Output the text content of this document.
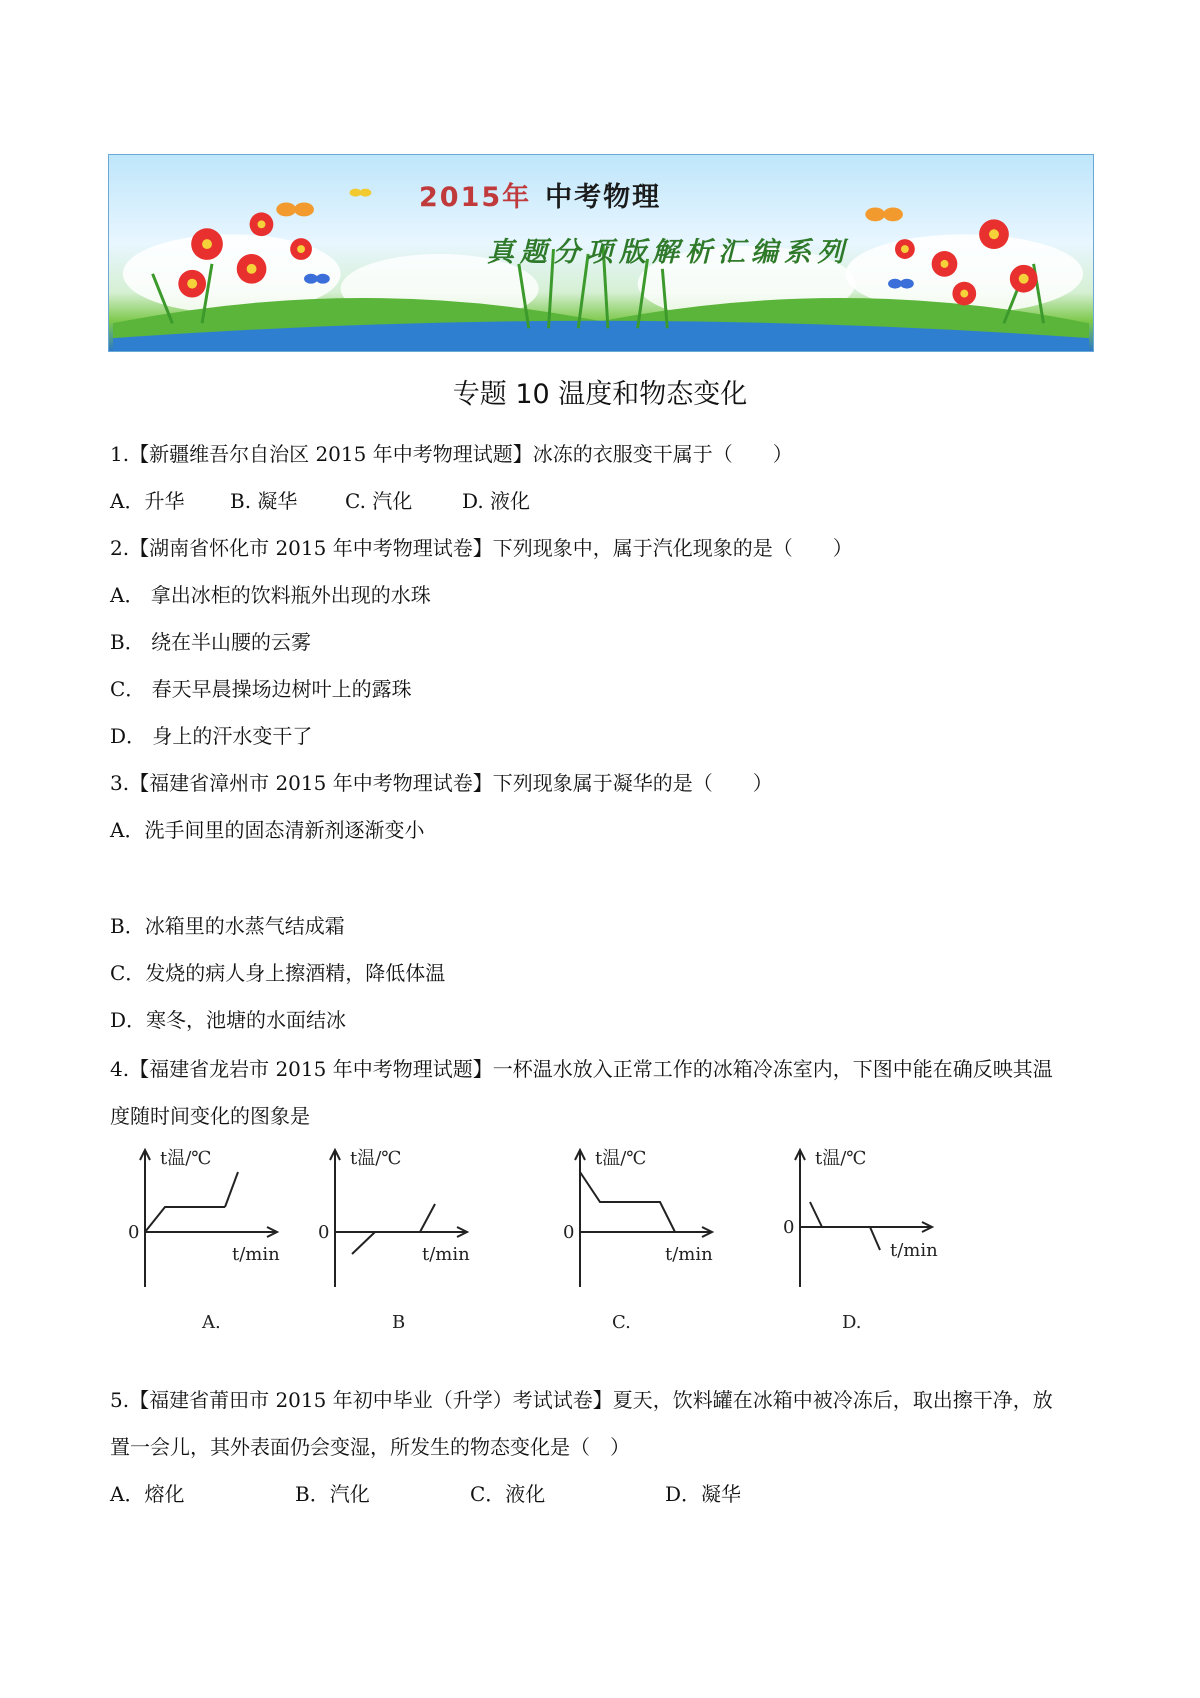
2015年 中考物理
真题分项版解析汇编系列
专题 10 温度和物态变化
1.【新疆维吾尔自治区 2015 年中考物理试题】冰冻的衣服变干属于（　　）
A．升华 B. 凝华 C. 汽化 D. 液化
2.【湖南省怀化市 2015 年中考物理试卷】下列现象中，属于汽化现象的是（　　）
A． 拿出冰柜的饮料瓶外出现的水珠
B． 绕在半山腰的云雾
C． 春天早晨操场边树叶上的露珠
D． 身上的汗水变干了
3.【福建省漳州市 2015 年中考物理试卷】下列现象属于凝华的是（　　）
A．洗手间里的固态清新剂逐渐变小
B．冰箱里的水蒸气结成霜
C．发烧的病人身上擦酒精，降低体温
D．寒冬，池塘的水面结冰
4.【福建省龙岩市 2015 年中考物理试题】一杯温水放入正常工作的冰箱冷冻室内，下图中能在确反映其温
度随时间变化的图象是
t温/℃
0
t/min
A.
t温/℃
0
t/min
B
t温/℃
0
t/min
C.
t温/℃
0
t/min
D.
5.【福建省莆田市 2015 年初中毕业（升学）考试试卷】夏天，饮料罐在冰箱中被冷冻后，取出擦干净，放
置一会儿，其外表面仍会变湿，所发生的物态变化是（　）
A．熔化	B．汽化	C．液化	D．凝华
